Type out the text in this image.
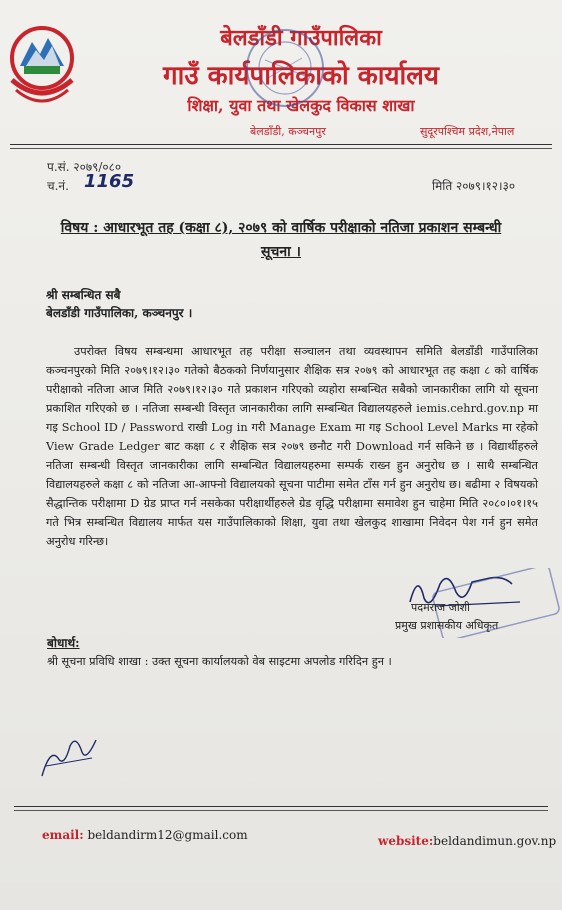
बेलडाँडी गाउँपालिका
गाउँ कार्यपालिकाको कार्यालय
शिक्षा, युवा तथा खेलकुद विकास शाखा
बेलडाँडी, कञ्चनपुर	सुदूरपश्चिम प्रदेश,नेपाल
प.सं. २०७९/०८०
च.नं. 1165	मिति २०७९।१२।३०
विषय : आधारभूत तह (कक्षा ८), २०७९ को वार्षिक परीक्षाको नतिजा प्रकाशन सम्बन्धी
सूचना ।
श्री सम्बन्धित सबै
बेलडाँडी गाउँपालिका, कञ्चनपुर ।
उपरोक्त विषय सम्बन्धमा आधारभूत तह परीक्षा सञ्चालन तथा व्यवस्थापन समिति बेलडाँडी गाउँपालिका कञ्चनपुरको मिति २०७९।१२।३० गतेको बैठकको निर्णयानुसार शैक्षिक सत्र २०७९ को आधारभूत तह कक्षा ८ को वार्षिक परीक्षाको नतिजा आज मिति २०७९।१२।३० गते प्रकाशन गरिएको व्यहोरा सम्बन्धित सबैको जानकारीका लागि यो सूचना प्रकाशित गरिएको छ । नतिजा सम्बन्धी विस्तृत जानकारीका लागि सम्बन्धित विद्यालयहरुले iemis.cehrd.gov.np मा गइ School ID / Password राखी Log in गरी Manage Exam मा गइ School Level Marks मा रहेको View Grade Ledger बाट कक्षा ८ र शैक्षिक सत्र २०७९ छनौट गरी Download गर्न सकिने छ । विद्यार्थीहरुले नतिजा सम्बन्धी विस्तृत जानकारीका लागि सम्बन्धित विद्यालयहरुमा सम्पर्क राख्न हुन अनुरोध छ । साथै सम्बन्धित विद्यालयहरुले कक्षा ८ को नतिजा आ-आफ्नो विद्यालयको सूचना पाटीमा समेत टाँस गर्न हुन अनुरोध छ। बढीमा २ विषयको सैद्धान्तिक परीक्षामा D ग्रेड प्राप्त गर्न नसकेका परीक्षार्थीहरुले ग्रेड वृद्धि परीक्षामा समावेश हुन चाहेमा मिति २०८०।०१।१५ गते भित्र सम्बन्धित विद्यालय मार्फत यस गाउँपालिकाको शिक्षा, युवा तथा खेलकुद शाखामा निवेदन पेश गर्न हुन समेत अनुरोध गरिन्छ।
पदमराज जोशी
प्रमुख प्रशासकीय अधिकृत
बोधार्थ:
श्री सूचना प्रविधि शाखा : उक्त सूचना कार्यालयको वेब साइटमा अपलोड गरिदिन हुन ।
email: beldandirm12@gmail.com	website:beldandimun.gov.np
